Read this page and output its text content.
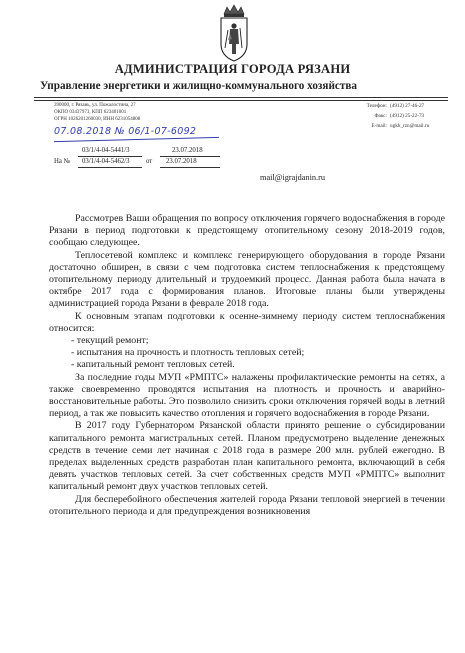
АДМИНИСТРАЦИЯ ГОРОДА РЯЗАНИ
Управление энергетики и жилищно-коммунального хозяйства
390000, г. Рязань, ул. Пожалостина, 27
ОКПО 03437973, КПП 623401001
ОГРН 1026201260030, ИНН 6231054808
Телефон: (4912) 27-46-27
Факс: (4912) 25-22-73
E-mail: ugkh_rzn@mail.ru
07.08.2018 № 06/1-07-6092
03/1/4-04-5441/3	23.07.2018
На № 03/1/4-04-5462/3 от 23.07.2018
mail@igrajdanin.ru

Рассмотрев Ваши обращения по вопросу отключения горячего водоснабжения в городе Рязани в период подготовки к предстоящему отопительному сезону 2018-2019 годов, сообщаю следующее.

Теплосетевой комплекс и комплекс генерирующего оборудования в городе Рязани достаточно обширен, в связи с чем подготовка систем теплоснабжения к предстоящему отопительному периоду длительный и трудоемкий процесс. Данная работа была начата в октябре 2017 года с формирования планов. Итоговые планы были утверждены администрацией города Рязани в феврале 2018 года.

К основным этапам подготовки к осенне-зимнему периоду систем теплоснабжения относится:

- текущий ремонт;

- испытания на прочность и плотность тепловых сетей;

- капитальный ремонт тепловых сетей.

За последние годы МУП «РМПТС» налажены профилактические ремонты на сетях, а также своевременно проводятся испытания на плотность и прочность и аварийно-восстановительные работы. Это позволило снизить сроки отключения горячей воды в летний период, а так же повысить качество отопления и горячего водоснабжения в городе Рязани.

В 2017 году Губернатором Рязанской области принято решение о субсидировании капитального ремонта магистральных сетей. Планом предусмотрено выделение денежных средств в течение семи лет начиная с 2018 года в размере 200 млн. рублей ежегодно. В пределах выделенных средств разработан план капитального ремонта, включающий в себя девять участков тепловых сетей. За счет собственных средств МУП «РМПТС» выполнит капитальный ремонт двух участков тепловых сетей.

Для бесперебойного обеспечения жителей города Рязани тепловой энергией в течении отопительного периода и для предупреждения возникновения
